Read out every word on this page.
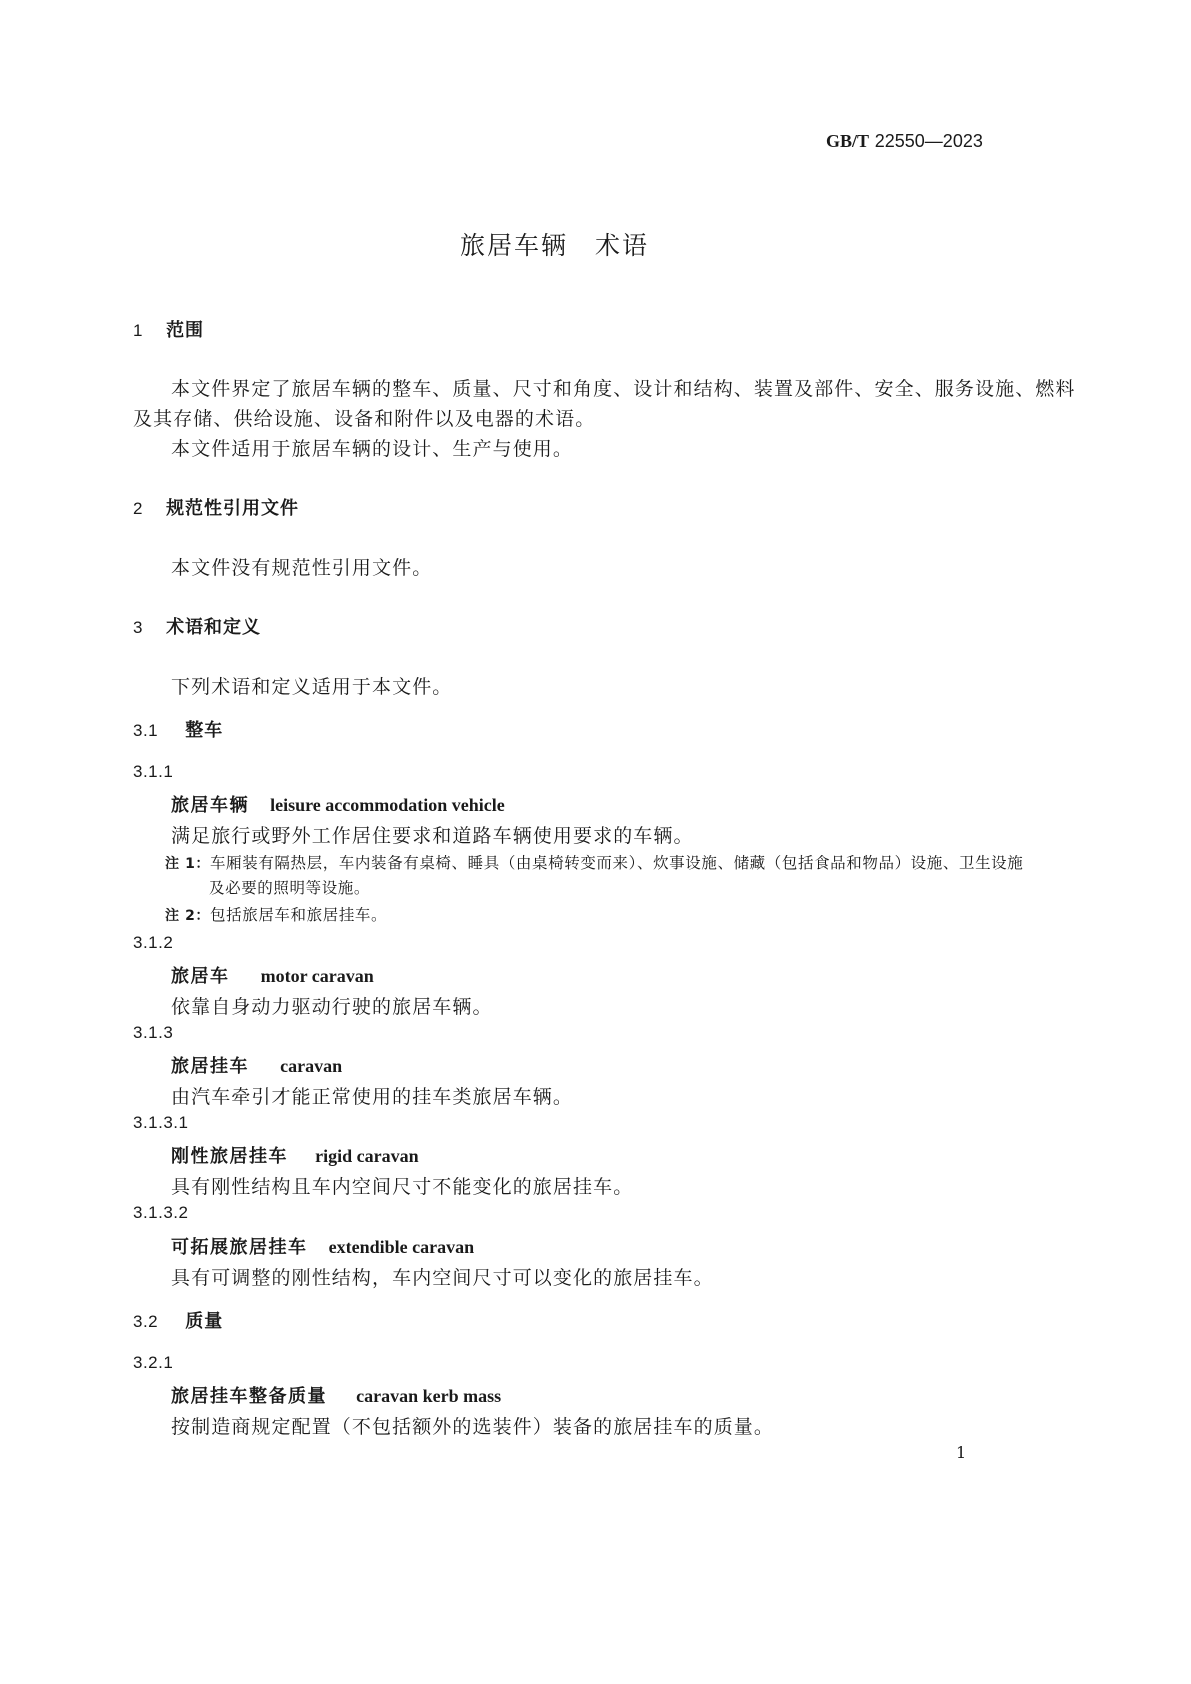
GB/T 22550—2023
旅居车辆　术语
1 范围
本文件界定了旅居车辆的整车、质量、尺寸和角度、设计和结构、装置及部件、安全、服务设施、燃料
及其存储、供给设施、设备和附件以及电器的术语。
本文件适用于旅居车辆的设计、生产与使用。
2 规范性引用文件
本文件没有规范性引用文件。
3 术语和定义
下列术语和定义适用于本文件。
3.1 整车
3.1.1
旅居车辆 leisure accommodation vehicle
满足旅行或野外工作居住要求和道路车辆使用要求的车辆。
注 1：车厢装有隔热层，车内装备有桌椅、睡具（由桌椅转变而来）、炊事设施、储藏（包括食品和物品）设施、卫生设施
及必要的照明等设施。
注 2：包括旅居车和旅居挂车。
3.1.2
旅居车 motor caravan
依靠自身动力驱动行驶的旅居车辆。
3.1.3
旅居挂车 caravan
由汽车牵引才能正常使用的挂车类旅居车辆。
3.1.3.1
刚性旅居挂车 rigid caravan
具有刚性结构且车内空间尺寸不能变化的旅居挂车。
3.1.3.2
可拓展旅居挂车 extendible caravan
具有可调整的刚性结构，车内空间尺寸可以变化的旅居挂车。
3.2 质量
3.2.1
旅居挂车整备质量 caravan kerb mass
按制造商规定配置（不包括额外的选装件）装备的旅居挂车的质量。
1
